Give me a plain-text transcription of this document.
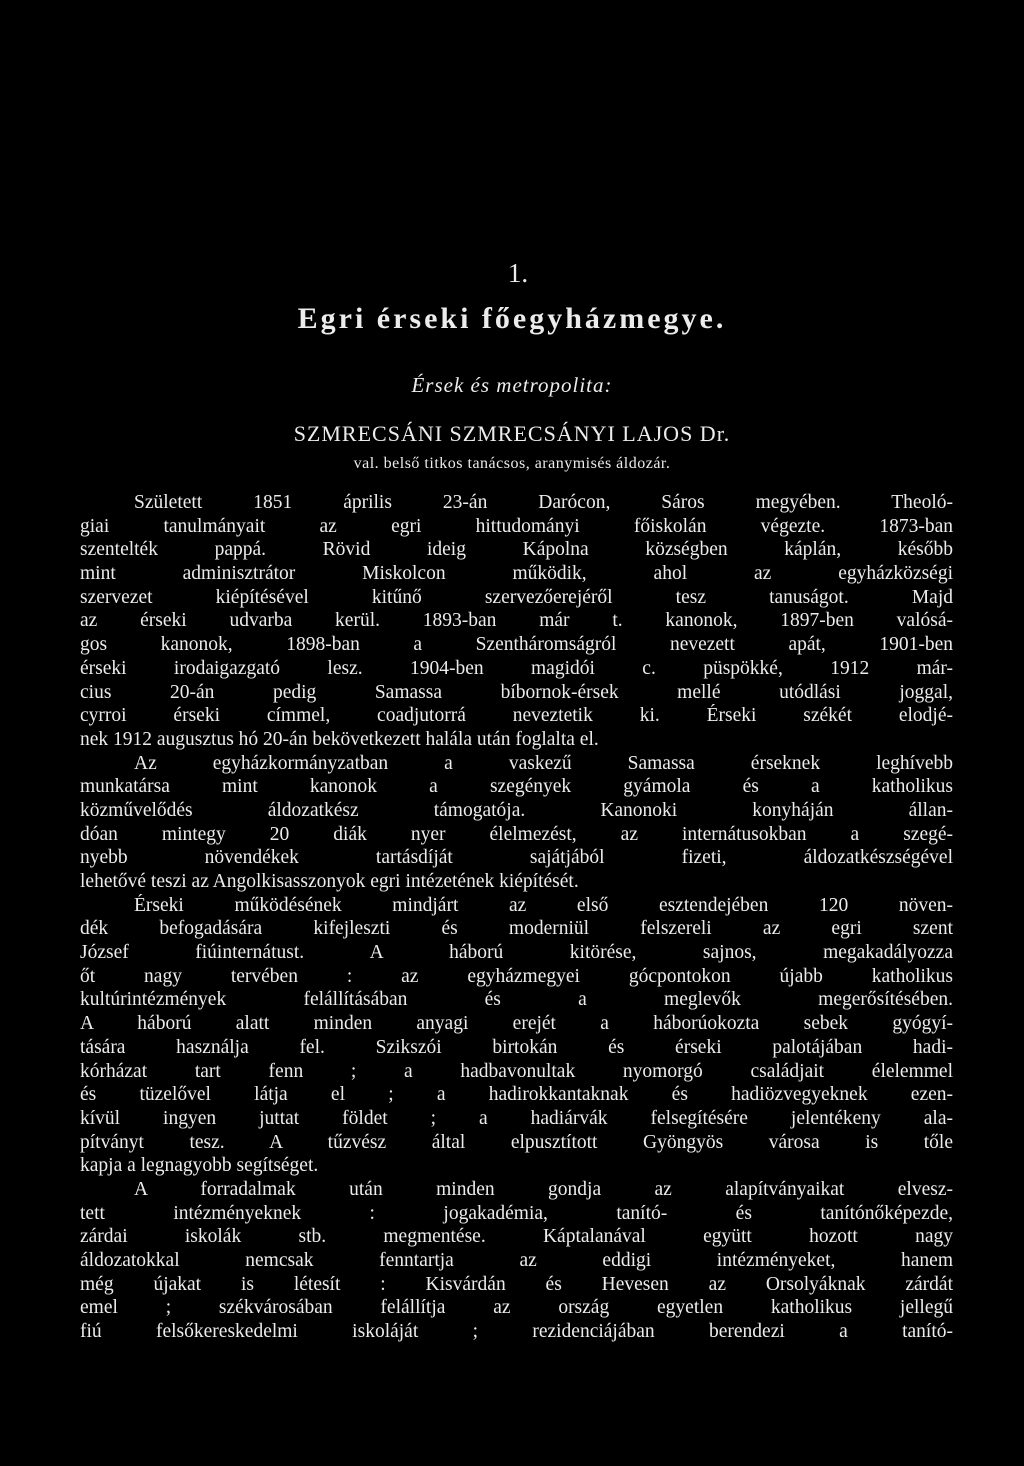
1.
Egri érseki főegyházmegye.
Érsek és metropolita:
SZMRECSÁNI SZMRECSÁNYI LAJOS Dr.
val. belső titkos tanácsos, aranymisés áldozár.
Született 1851 április 23-án Darócon, Sáros megyében. Theoló-
giai tanulmányait az egri hittudományi főiskolán végezte. 1873-ban
szentelték pappá. Rövid ideig Kápolna községben káplán, később
mint adminisztrátor Miskolcon működik, ahol az egyházközségi
szervezet kiépítésével kitűnő szervezőerejéről tesz tanuságot. Majd
az érseki udvarba kerül. 1893-ban már t. kanonok, 1897-ben valósá-
gos kanonok, 1898-ban a Szentháromságról nevezett apát, 1901-ben
érseki irodaigazgató lesz. 1904-ben magidói c. püspökké, 1912 már-
cius 20-án pedig Samassa bíbornok-érsek mellé utódlási joggal,
cyrroi érseki címmel, coadjutorrá neveztetik ki. Érseki székét elodjé-
nek 1912 augusztus hó 20-án bekövetkezett halála után foglalta el.
Az egyházkormányzatban a vaskezű Samassa érseknek leghívebb
munkatársa mint kanonok a szegények gyámola és a katholikus
közművelődés áldozatkész támogatója. Kanonoki konyháján állan-
dóan mintegy 20 diák nyer élelmezést, az internátusokban a szegé-
nyebb növendékek tartásdíját sajátjából fizeti, áldozatkészségével
lehetővé teszi az Angolkisasszonyok egri intézetének kiépítését.
Érseki működésének mindjárt az első esztendejében 120 növen-
dék befogadására kifejleszti és moderniül felszereli az egri szent
József fiúinternátust. A háború kitörése, sajnos, megakadályozza
őt nagy tervében : az egyházmegyei gócpontokon újabb katholikus
kultúrintézmények felállításában és a meglevők megerősítésében.
A háború alatt minden anyagi erejét a háborúokozta sebek gyógyí-
tására használja fel. Szikszói birtokán és érseki palotájában hadi-
kórházat tart fenn ; a hadbavonultak nyomorgó családjait élelemmel
és tüzelővel látja el ; a hadirokkantaknak és hadiözvegyeknek ezen-
kívül ingyen juttat földet ; a hadiárvák felsegítésére jelentékeny ala-
pítványt tesz. A tűzvész által elpusztított Gyöngyös városa is tőle
kapja a legnagyobb segítséget.
A forradalmak után minden gondja az alapítványaikat elvesz-
tett intézményeknek : jogakadémia, tanító- és tanítónőképezde,
zárdai iskolák stb. megmentése. Káptalanával együtt hozott nagy
áldozatokkal nemcsak fenntartja az eddigi intézményeket, hanem
még újakat is létesít : Kisvárdán és Hevesen az Orsolyáknak zárdát
emel ; székvárosában felállítja az ország egyetlen katholikus jellegű
fiú felsőkereskedelmi iskoláját ; rezidenciájában berendezi a tanító-
